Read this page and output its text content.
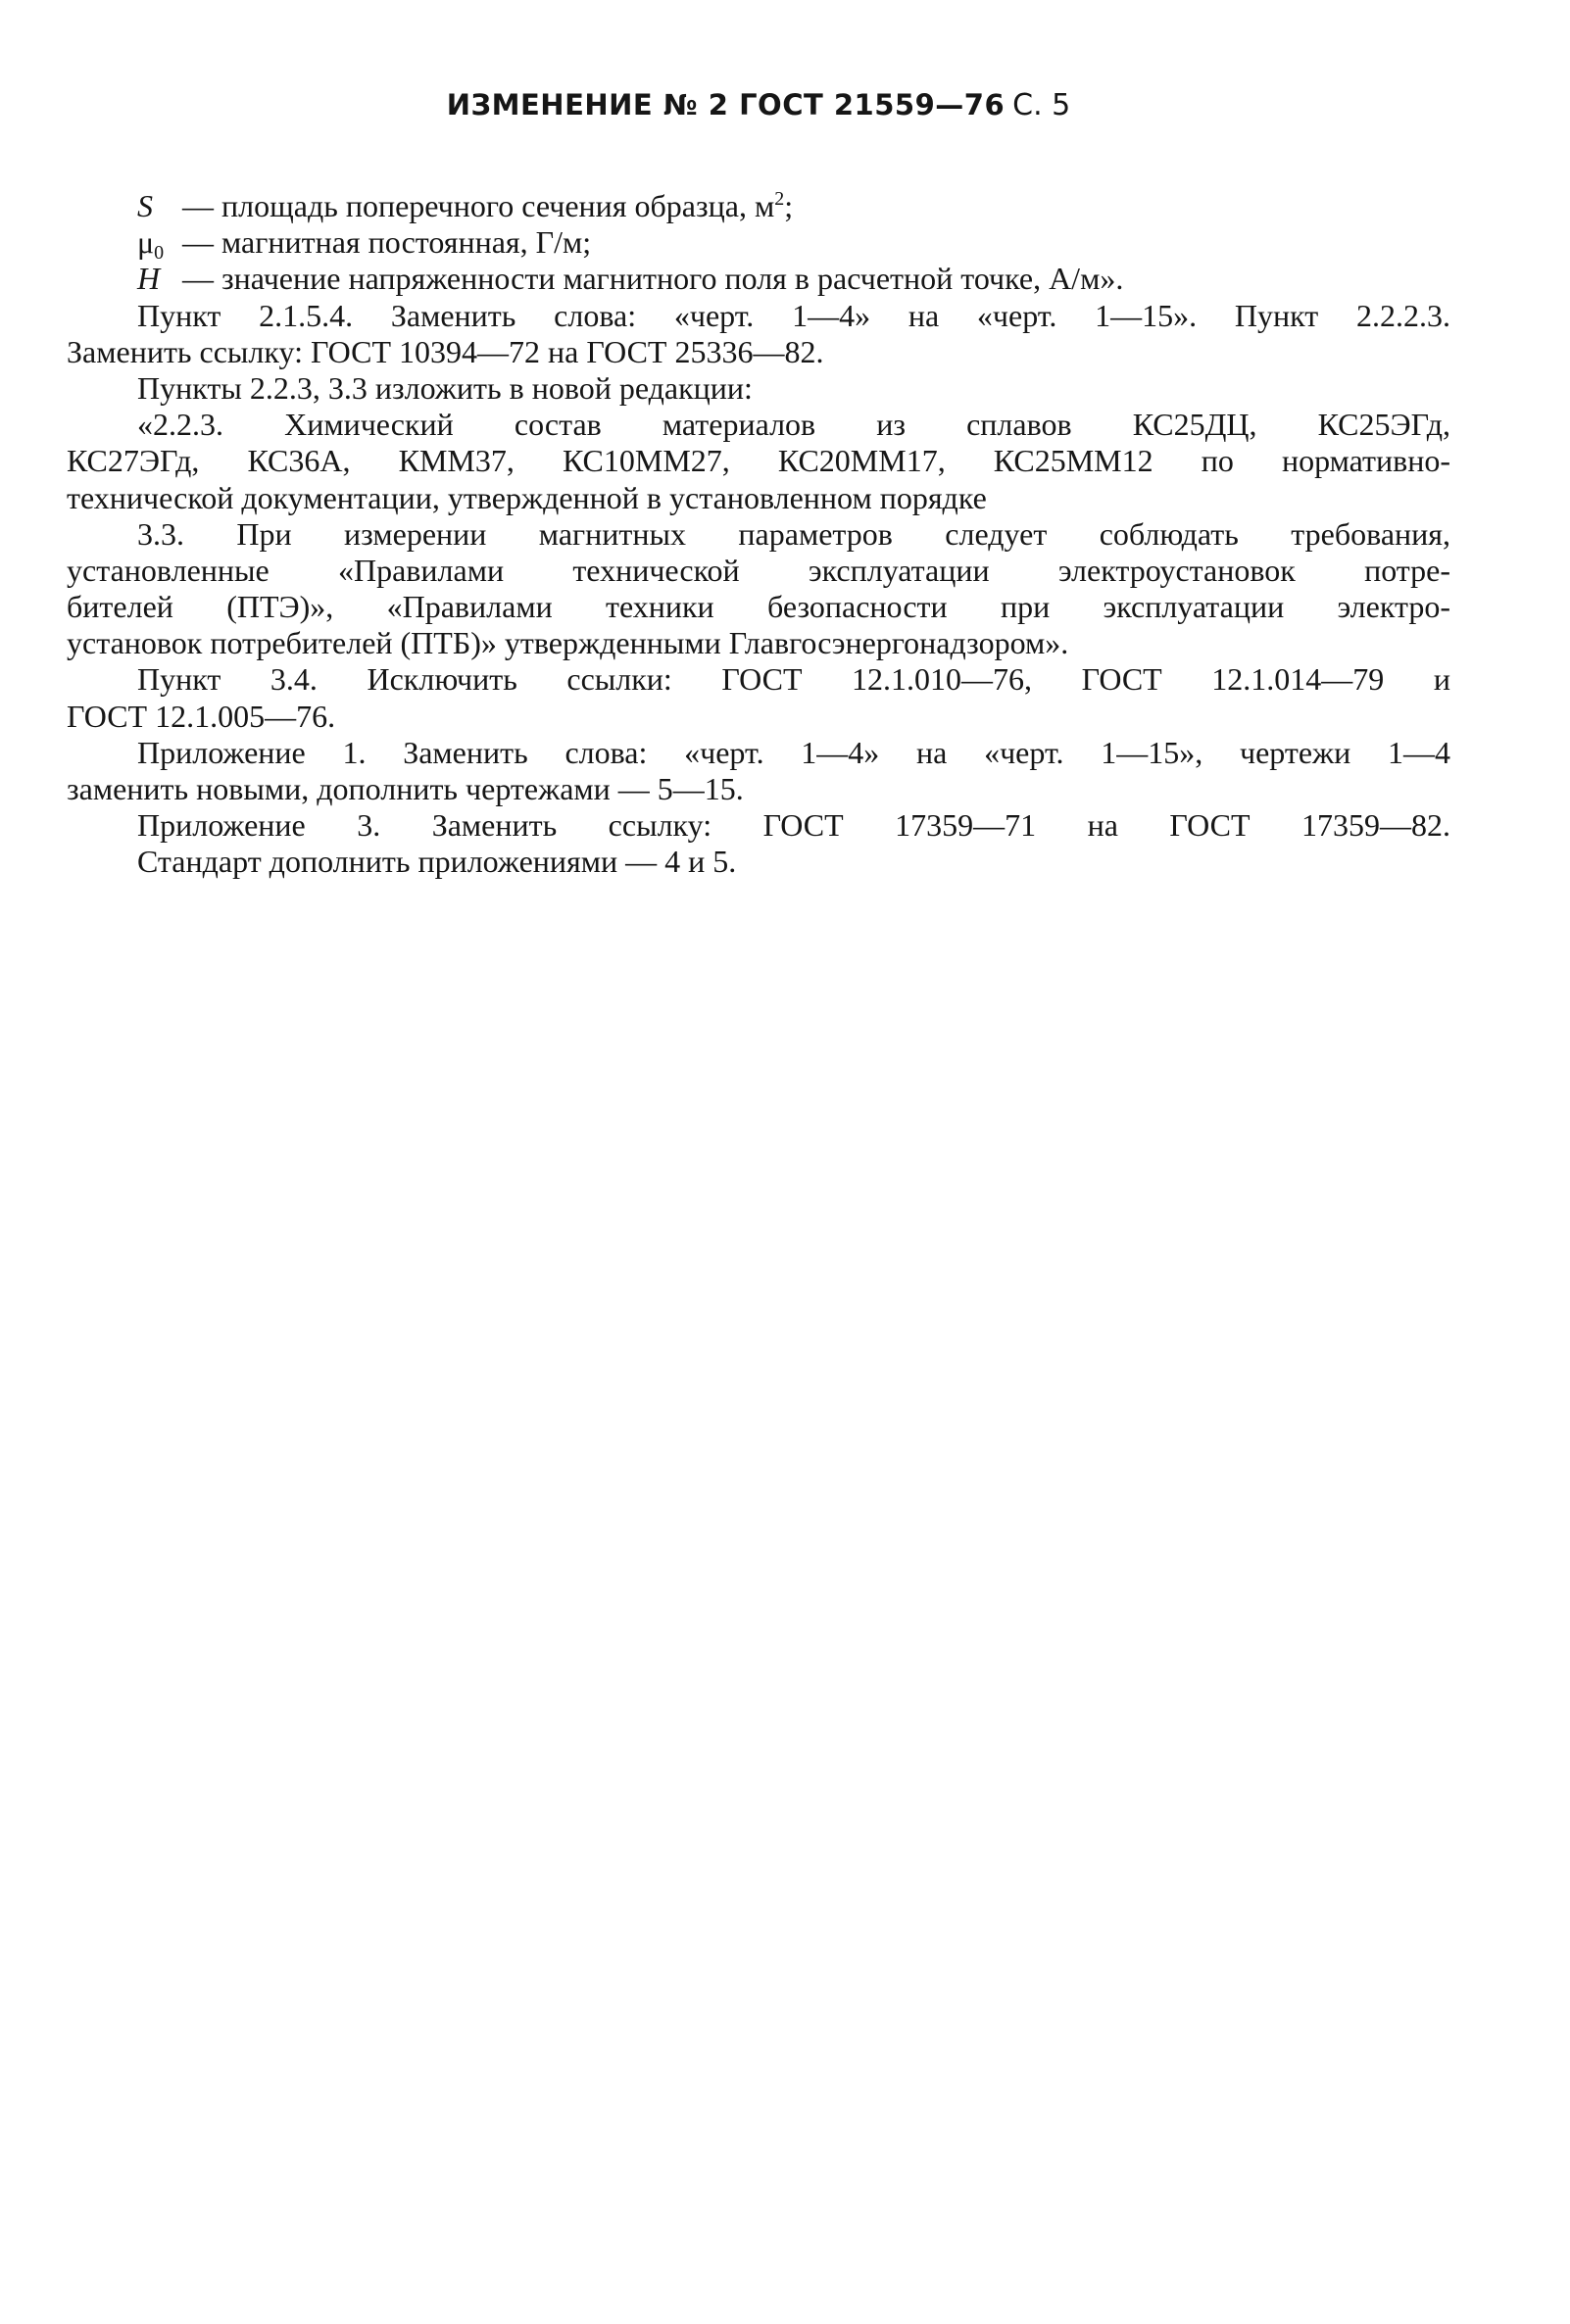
ИЗМЕНЕНИЕ № 2 ГОСТ 21559—76 С. 5
S — площадь поперечного сечения образца, $м^2$;
$\mu_0$ — магнитная постоянная, Г/м;
H — значение напряженности магнитного поля в расчетной точке, А/м».
Пункт 2.1.5.4. Заменить слова: «черт. 1—4» на «черт. 1—15». Пункт 2.2.2.3.
Заменить ссылку: ГОСТ 10394—72 на ГОСТ 25336—82.
Пункты 2.2.3, 3.3 изложить в новой редакции:
«2.2.3. Химический состав материалов из сплавов КС25ДЦ, КС25ЭГд,
КС27ЭГд, КС36А, КММ37, КС10ММ27, КС20ММ17, КС25ММ12 по нормативно-
технической документации, утвержденной в установленном порядке
3.3. При измерении магнитных параметров следует соблюдать требования,
установленные «Правилами технической эксплуатации электроустановок потре-
бителей (ПТЭ)», «Правилами техники безопасности при эксплуатации электро-
установок потребителей (ПТБ)» утвержденными Главгосэнергонадзором».
Пункт 3.4. Исключить ссылки: ГОСТ 12.1.010—76, ГОСТ 12.1.014—79 и
ГОСТ 12.1.005—76.
Приложение 1. Заменить слова: «черт. 1—4» на «черт. 1—15», чертежи 1—4
заменить новыми, дополнить чертежами — 5—15.
Приложение 3. Заменить ссылку: ГОСТ 17359—71 на ГОСТ 17359—82.
Стандарт дополнить приложениями — 4 и 5.
